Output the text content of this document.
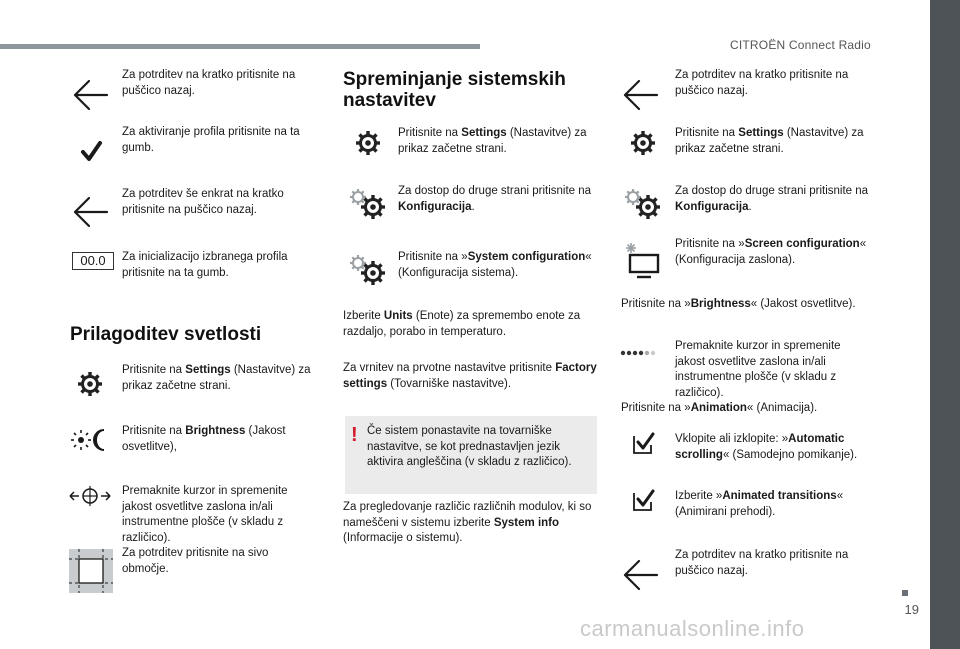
CITROËN Connect Radio
19
carmanualsonline.info
Za potrditev na kratko pritisnite na puščico nazaj.
Za aktiviranje profila pritisnite na ta gumb.
Za potrditev še enkrat na kratko pritisnite na puščico nazaj.
00.0	Za inicializacijo izbranega profila pritisnite na ta gumb.
Prilagoditev svetlosti
Pritisnite na Settings (Nastavitve) za prikaz začetne strani.
Pritisnite na Brightness (Jakost osvetlitve),
Premaknite kurzor in spremenite jakost osvetlitve zaslona in/ali instrumentne plošče (v skladu z različico).
Za potrditev pritisnite na sivo območje.
Spreminjanje sistemskih nastavitev
Pritisnite na Settings (Nastavitve) za prikaz začetne strani.
Za dostop do druge strani pritisnite na Konfiguracija.
Pritisnite na »System configuration« (Konfiguracija sistema).
Izberite Units (Enote) za spremembo enote za razdaljo, porabo in temperaturo.
Za vrnitev na prvotne nastavitve pritisnite Factory settings (Tovarniške nastavitve).
! Če sistem ponastavite na tovarniške nastavitve, se kot prednastavljen jezik aktivira angleščina (v skladu z različico).
Za pregledovanje različic različnih modulov, ki so nameščeni v sistemu izberite System info (Informacije o sistemu).
Za potrditev na kratko pritisnite na puščico nazaj.
Pritisnite na Settings (Nastavitve) za prikaz začetne strani.
Za dostop do druge strani pritisnite na Konfiguracija.
Pritisnite na »Screen configuration« (Konfiguracija zaslona).
Pritisnite na »Brightness« (Jakost osvetlitve).
Premaknite kurzor in spremenite jakost osvetlitve zaslona in/ali instrumentne plošče (v skladu z različico).
Pritisnite na »Animation« (Animacija).
Vklopite ali izklopite: »Automatic scrolling« (Samodejno pomikanje).
Izberite »Animated transitions« (Animirani prehodi).
Za potrditev na kratko pritisnite na puščico nazaj.
